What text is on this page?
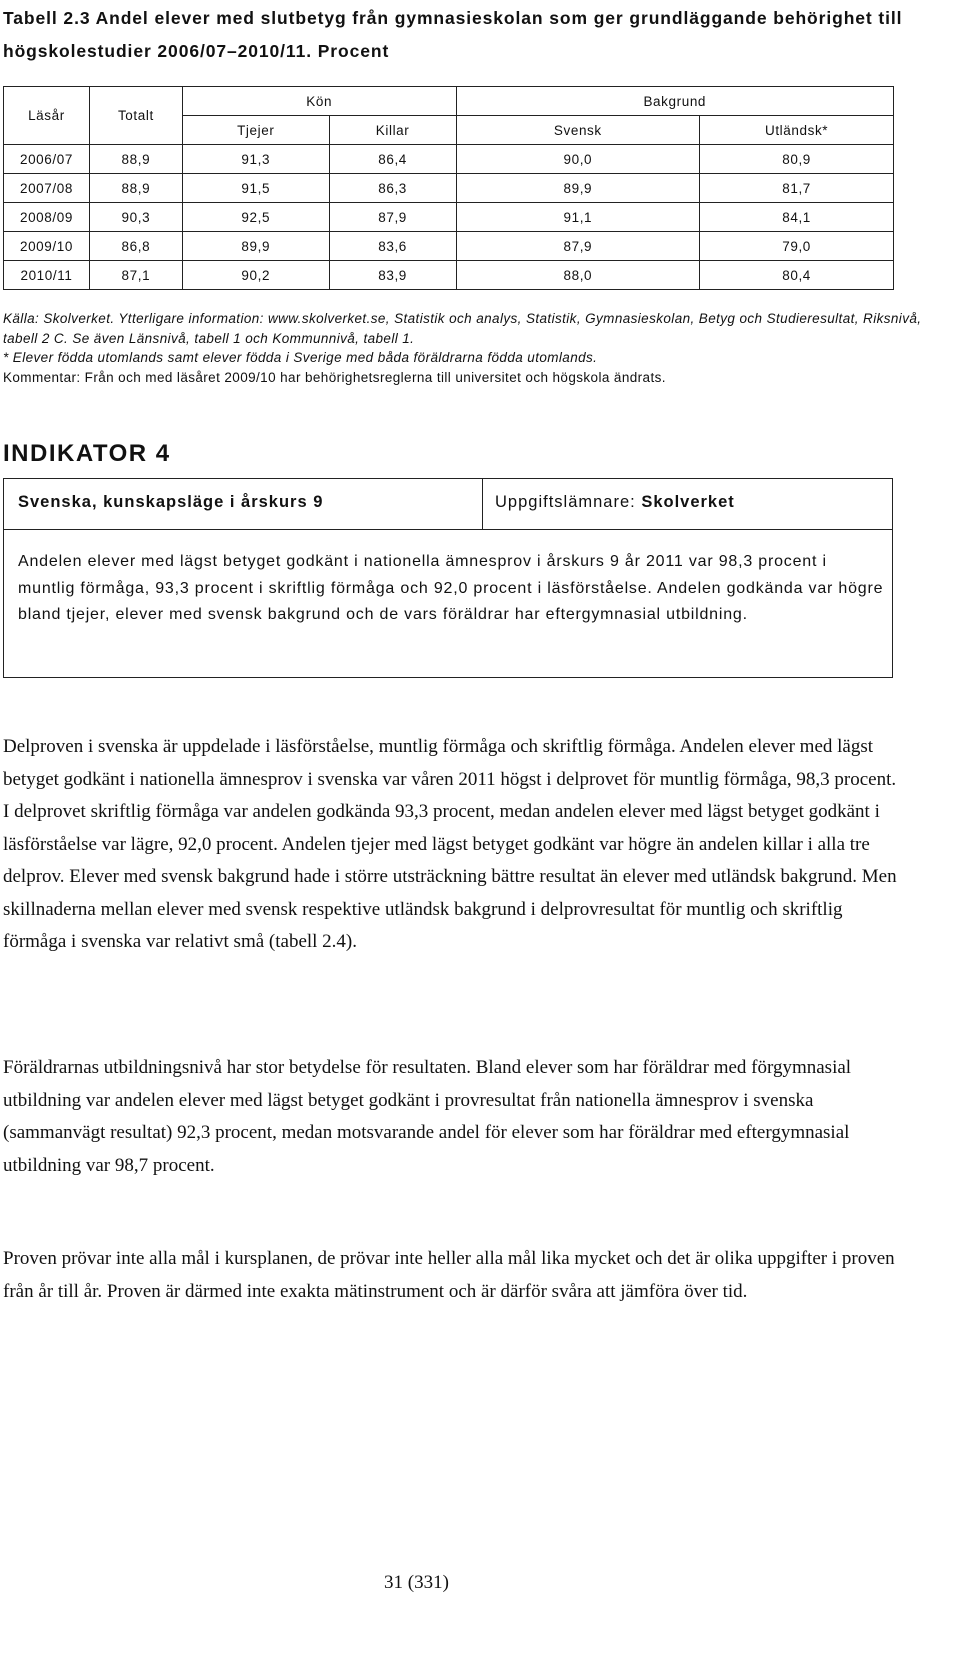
Tabell 2.3 Andel elever med slutbetyg från gymnasieskolan som ger grundläggande behörighet till högskolestudier 2006/07–2010/11. Procent
Läsår	Totalt	Kön		Bakgrund	
		Tjejer	Killar	Svensk	Utländsk*
2006/07	88,9	91,3	86,4	90,0	80,9
2007/08	88,9	91,5	86,3	89,9	81,7
2008/09	90,3	92,5	87,9	91,1	84,1
2009/10	86,8	89,9	83,6	87,9	79,0
2010/11	87,1	90,2	83,9	88,0	80,4
Källa: Skolverket. Ytterligare information: www.skolverket.se, Statistik och analys, Statistik, Gymnasieskolan, Betyg och Studieresultat, Riksnivå, tabell 2 C. Se även Länsnivå, tabell 1 och Kommunnivå, tabell 1.
* Elever födda utomlands samt elever födda i Sverige med båda föräldrarna födda utomlands.
Kommentar: Från och med läsåret 2009/10 har behörighetsreglerna till universitet och högskola ändrats.
INDIKATOR 4
Svenska, kunskapsläge i årskurs 9	Uppgiftslämnare: Skolverket
Andelen elever med lägst betyget godkänt i nationella ämnesprov i årskurs 9 år 2011 var 98,3 procent i muntlig förmåga, 93,3 procent i skriftlig förmåga och 92,0 procent i läsförståelse. Andelen godkända var högre bland tjejer, elever med svensk bakgrund och de vars föräldrar har eftergymnasial utbildning.

Delproven i svenska är uppdelade i läsförståelse, muntlig förmåga och skriftlig förmåga. Andelen elever med lägst betyget godkänt i nationella ämnesprov i svenska var våren 2011 högst i delprovet för muntlig förmåga, 98,3 procent. I delprovet skriftlig förmåga var andelen godkända 93,3 procent, medan andelen elever med lägst betyget godkänt i läsförståelse var lägre, 92,0 procent. Andelen tjejer med lägst betyget godkänt var högre än andelen killar i alla tre delprov. Elever med svensk bakgrund hade i större utsträckning bättre resultat än elever med utländsk bakgrund. Men skillnaderna mellan elever med svensk respektive utländsk bakgrund i delprovresultat för muntlig och skriftlig förmåga i svenska var relativt små (tabell 2.4).

Föräldrarnas utbildningsnivå har stor betydelse för resultaten. Bland elever som har föräldrar med förgymnasial utbildning var andelen elever med lägst betyget godkänt i provresultat från nationella ämnesprov i svenska (sammanvägt resultat) 92,3 procent, medan motsvarande andel för elever som har föräldrar med eftergymnasial utbildning var 98,7 procent.

Proven prövar inte alla mål i kursplanen, de prövar inte heller alla mål lika mycket och det är olika uppgifter i proven från år till år. Proven är därmed inte exakta mätinstrument och är därför svåra att jämföra över tid.

31 (331)
